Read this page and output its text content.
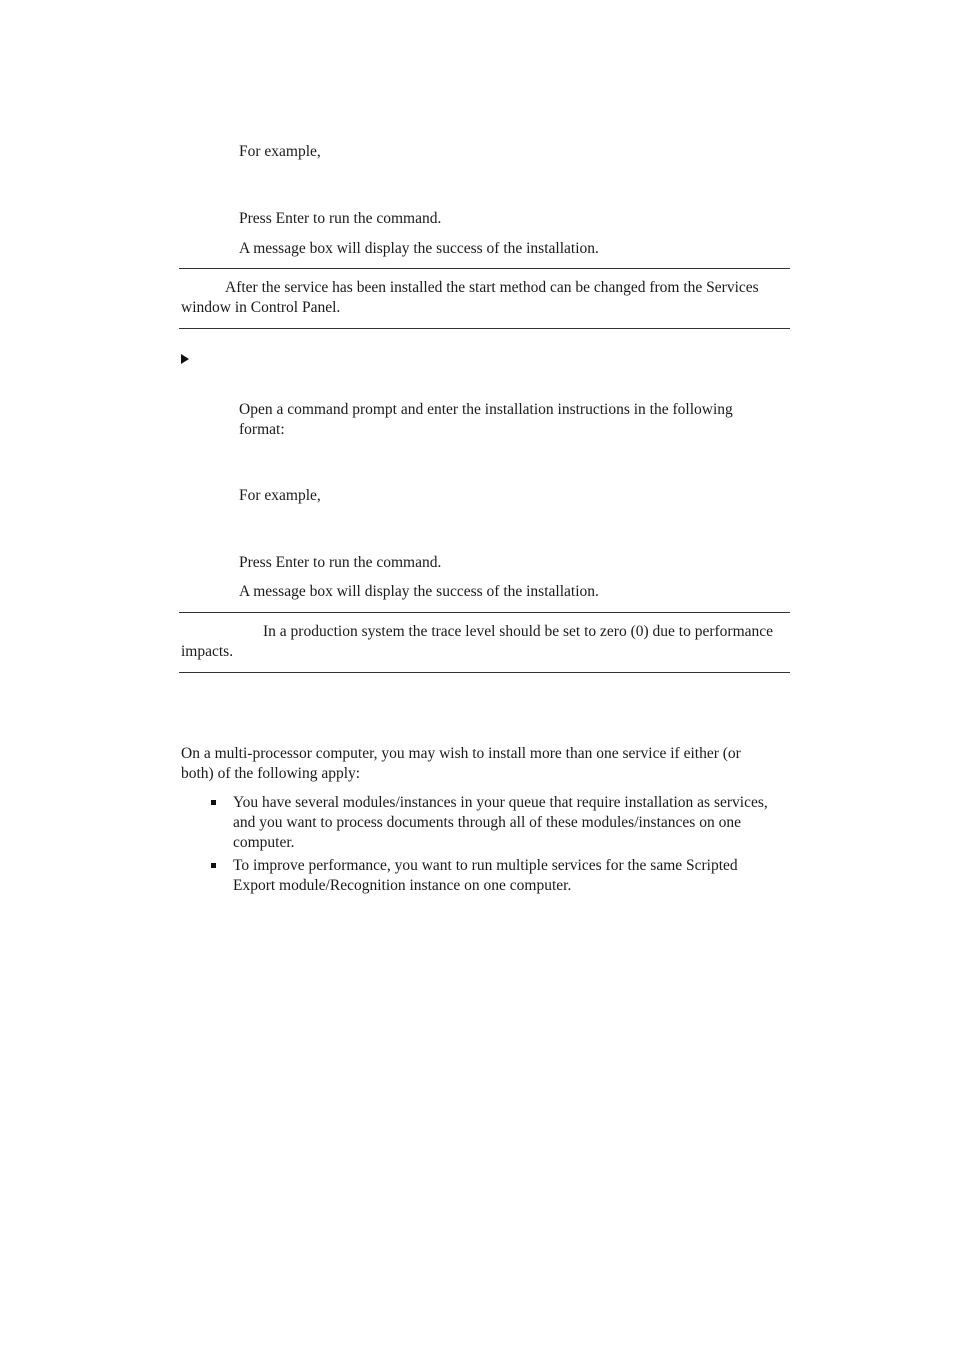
For example,
Press Enter to run the command.
A message box will display the success of the installation.
After the service has been installed the start method can be changed from the Services window in Control Panel.
Open a command prompt and enter the installation instructions in the following format:
For example,
Press Enter to run the command.
A message box will display the success of the installation.
In a production system the trace level should be set to zero (0) due to performance impacts.
On a multi-processor computer, you may wish to install more than one service if either (or both) of the following apply:
You have several modules/instances in your queue that require installation as services, and you want to process documents through all of these modules/instances on one computer.
To improve performance, you want to run multiple services for the same Scripted Export module/Recognition instance on one computer.
